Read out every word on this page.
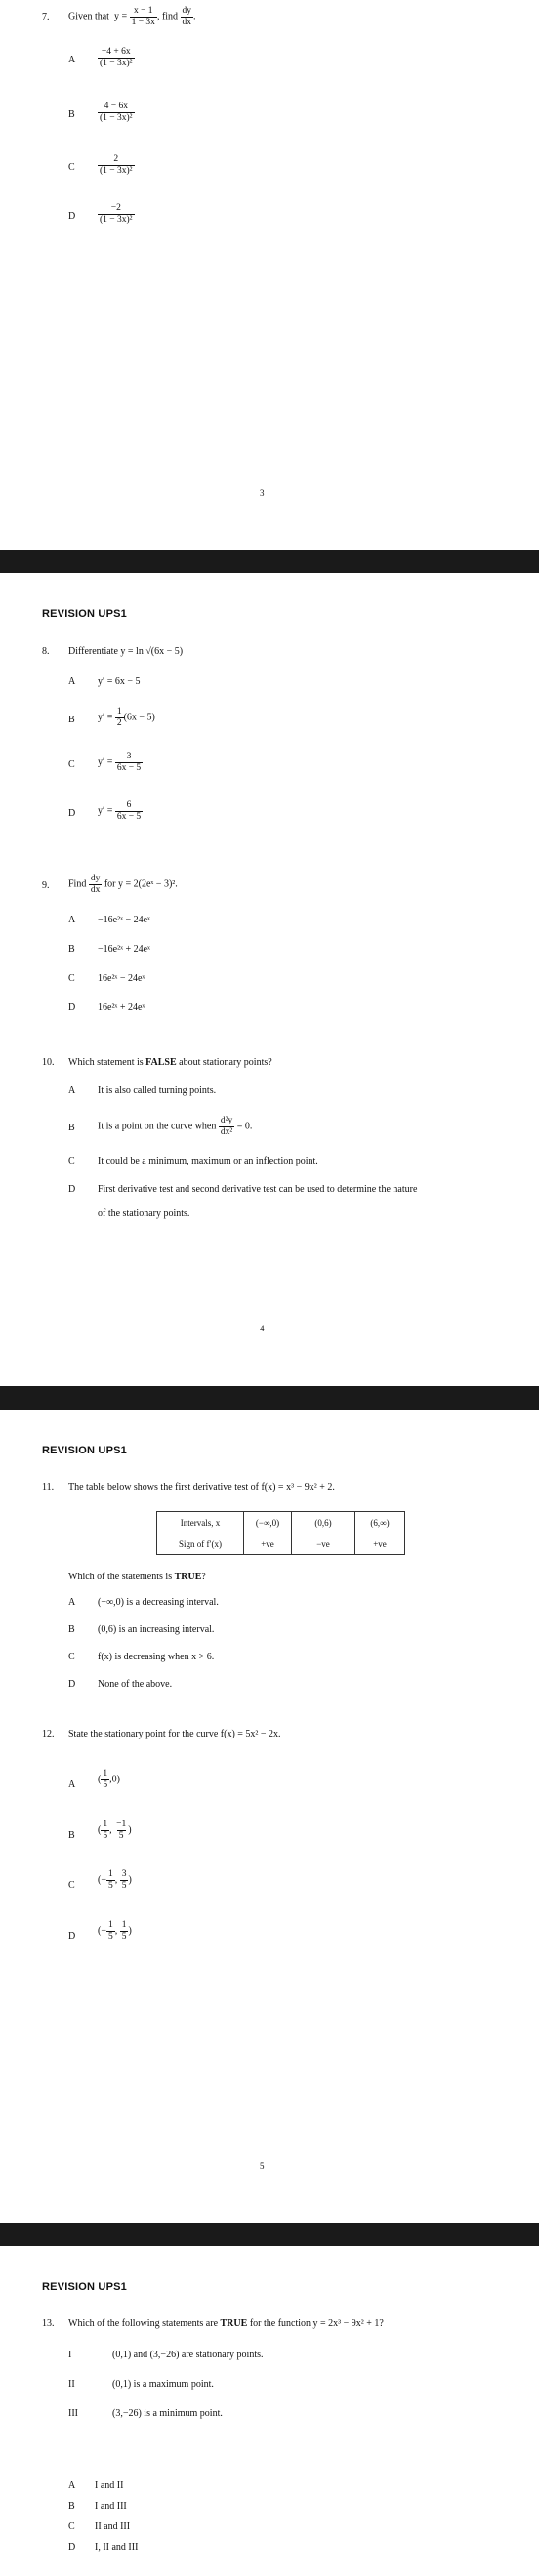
7. Given that $y = \frac{x - 1}{1 - 3x}$ , find $\frac{dy}{dx}$ .
A $\frac{-4 + 6x}{\text{(1 − 3x)²}}$
B $\frac{4 - 6x}{\text{(1 − 3x)²}}$
C $\frac{2}{\text{(1 − 3x)²}}$
D $\frac{-2}{\text{(1 − 3x)²}}$
3
REVISION UPS1
8. Differentiate y = ln √(6x − 5)
A y′ = 6x − 5
B $y' = \frac{1}{2} (6x - 5)$
C $y' = \frac{3}{6x - 5}$
D $y' = \frac{6}{6x - 5}$
9. Find $\frac{dy}{dx}$ for y = 2(2eˣ − 3)².
A −16e²ˣ − 24eˣ
B −16e²ˣ + 24eˣ
C 16e²ˣ − 24eˣ
D 16e²ˣ + 24eˣ
10. Which statement is FALSE about stationary points?
A It is also called turning points.
B It is a point on the curve when $\frac{\text{d²y}}{\text{dx²}} = 0$.
C It could be a minimum, maximum or an inflection point.
D First derivative test and second derivative test can be used to determine the nature
of the stationary points.
4
REVISION UPS1
11. The table below shows the first derivative test of f(x) = x³ − 9x² + 2.
Intervals, x	(−∞,0)	(0,6)	(6,∞)
Sign of f′(x)	+ve	−ve	+ve
Which of the statements is TRUE?
A (−∞,0) is a decreasing interval.
B (0,6) is an increasing interval.
C f(x) is decreasing when x > 6.
D None of the above.
12. State the stationary point for the curve f(x) = 5x² − 2x.
A ( $\frac{1}{5} ,0$)
B ( $\frac{1}{5}$ , $\frac{-1}{5}$ )
C (− $\frac{1}{5}$ , $\frac{3}{5}$ )
D (− $\frac{1}{5}$ , $\frac{1}{5}$ )
5
REVISION UPS1
13. Which of the following statements are TRUE for the function y = 2x³ − 9x² + 1?
I	(0,1) and (3,−26) are stationary points.
II	(0,1) is a maximum point.
III	(3,−26) is a minimum point.
A I and II
B I and III
C II and III
D I, II and III
